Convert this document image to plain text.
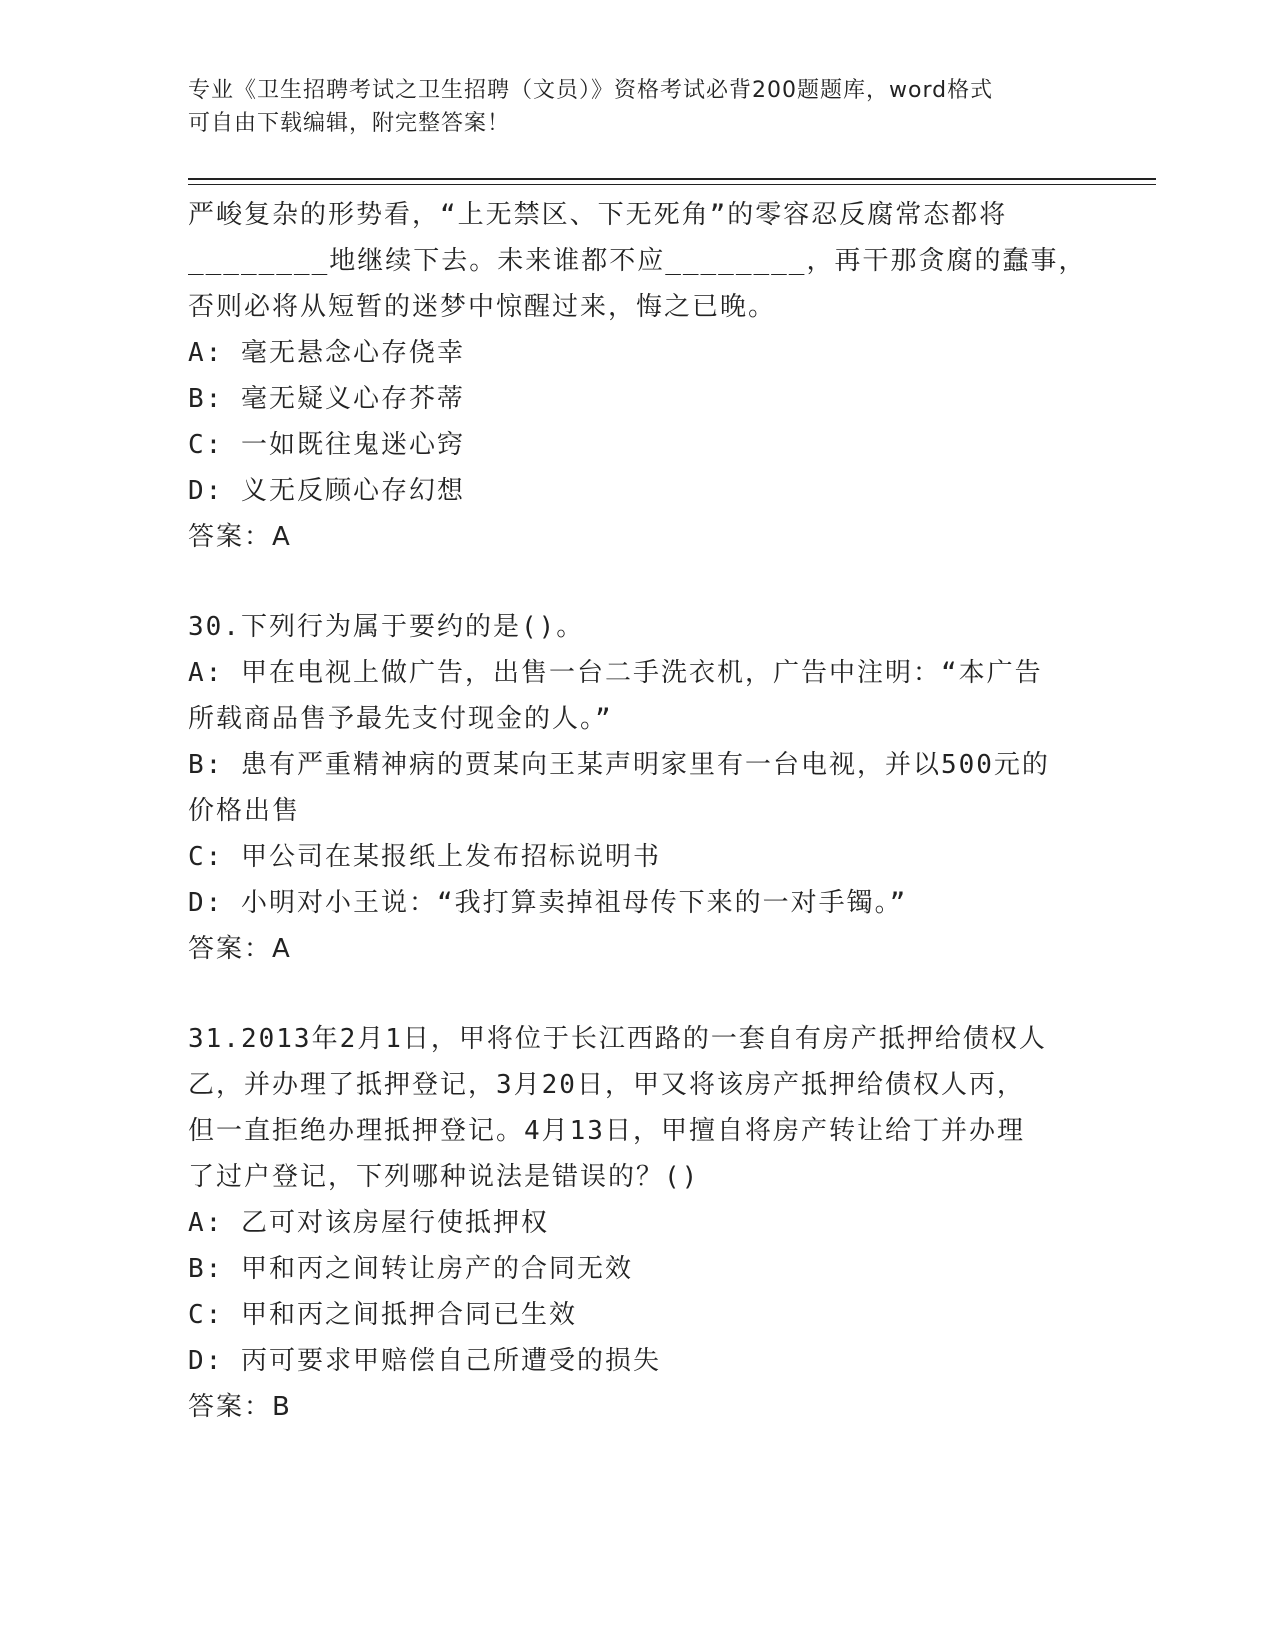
专业《卫生招聘考试之卫生招聘（文员）》资格考试必背200题题库，word格式
可自由下载编辑，附完整答案！
严峻复杂的形势看，“上无禁区、下无死角”的零容忍反腐常态都将
________地继续下去。未来谁都不应________，再干那贪腐的蠢事，
否则必将从短暂的迷梦中惊醒过来，悔之已晚。
A: 毫无悬念心存侥幸
B: 毫无疑义心存芥蒂
C: 一如既往鬼迷心窍
D: 义无反顾心存幻想
答案：A
30.下列行为属于要约的是()。
A: 甲在电视上做广告，出售一台二手洗衣机，广告中注明：“本广告
所载商品售予最先支付现金的人。”
B: 患有严重精神病的贾某向王某声明家里有一台电视，并以500元的
价格出售
C: 甲公司在某报纸上发布招标说明书
D: 小明对小王说：“我打算卖掉祖母传下来的一对手镯。”
答案：A
31.2013年2月1日，甲将位于长江西路的一套自有房产抵押给债权人
乙，并办理了抵押登记，3月20日，甲又将该房产抵押给债权人丙，
但一直拒绝办理抵押登记。4月13日，甲擅自将房产转让给丁并办理
了过户登记，下列哪种说法是错误的？()
A: 乙可对该房屋行使抵押权
B: 甲和丙之间转让房产的合同无效
C: 甲和丙之间抵押合同已生效
D: 丙可要求甲赔偿自己所遭受的损失
答案：B
